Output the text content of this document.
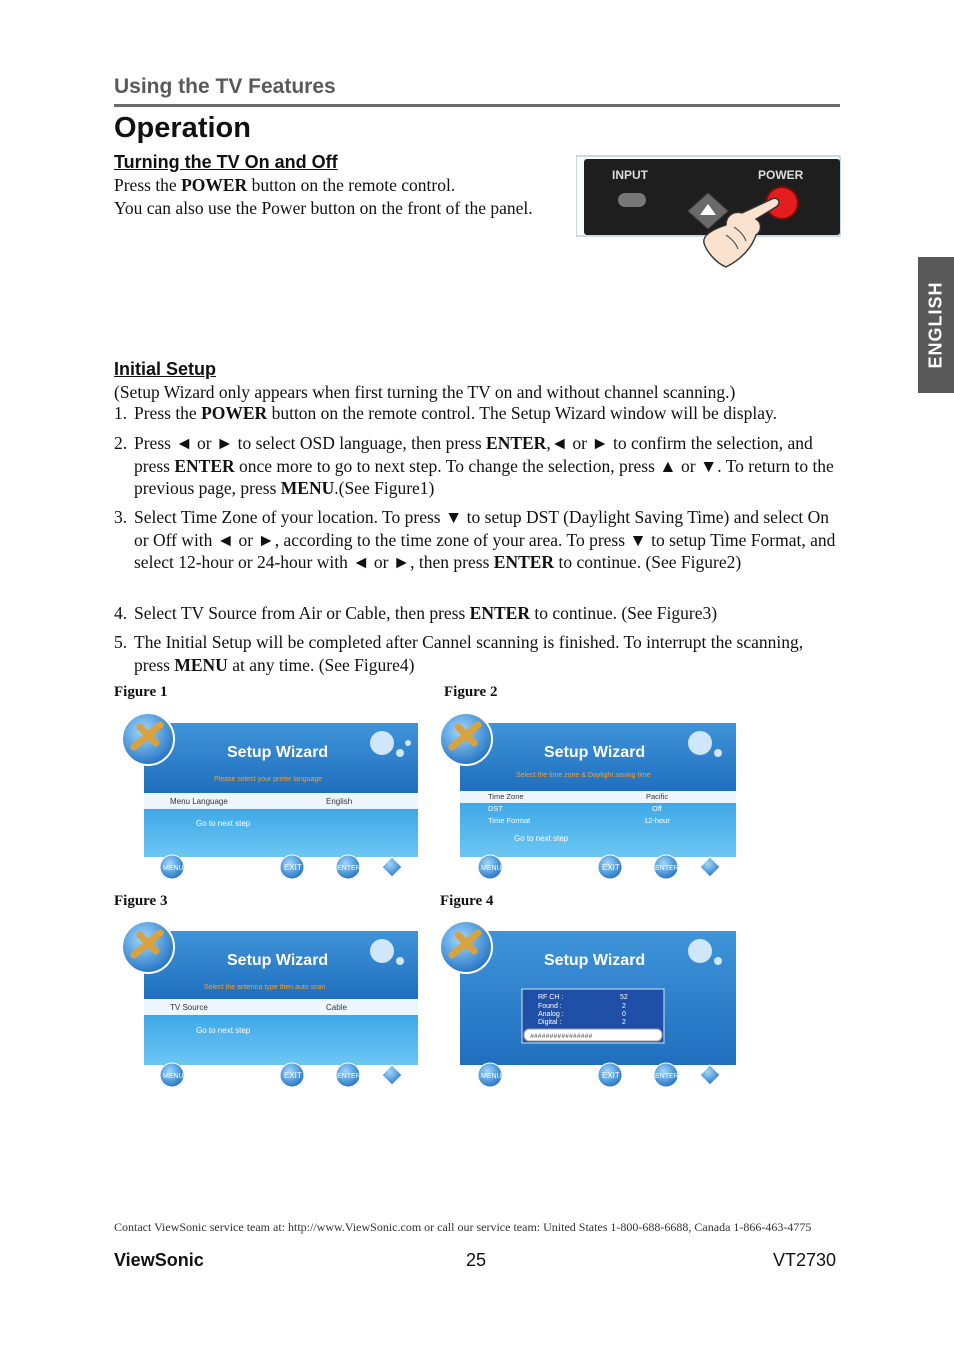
Using the TV Features
Operation
ENGLISH
Turning the TV On and Off
Press the POWER button on the remote control.
You can also use the Power button on the front of the panel.
INPUT	POWER
Initial Setup
(Setup Wizard only appears when first turning the TV on and without channel scanning.)
1. Press the POWER button on the remote control. The Setup Wizard window will be display.
2. Press ◄ or ► to select OSD language, then press ENTER,◄ or ► to confirm the selection, and press ENTER once more to go to next step. To change the selection, press ▲ or ▼. To return to the previous page, press MENU.(See Figure1)
3. Select Time Zone of your location. To press ▼ to setup DST (Daylight Saving Time) and select On or Off with ◄ or ►, according to the time zone of your area. To press ▼ to setup Time Format, and select 12-hour or 24-hour with ◄ or ►, then press ENTER to continue. (See Figure2)
4. Select TV Source from Air or Cable, then press ENTER to continue. (See Figure3)
5. The Initial Setup will be completed after Cannel scanning is finished. To interrupt the scanning, press MENU at any time. (See Figure4)
Figure 1	Figure 2
Figure 3	Figure 4
Setup Wizard
Please select your prefer language
Menu Language	English
Go to next step
MENU	EXIT	ENTER
Setup Wizard
Select the time zone & Daylight saving time
Time Zone	Pacific
DST	Off
Time Format	12-hour
Go to next step
MENU	EXIT	ENTER
Setup Wizard
Select the antenna type then auto scan
TV Source	Cable
Go to next step
MENU	EXIT	ENTER
Setup Wizard
RF CH :	52
Found :	2
Analog :	0
Digital :	2
################
MENU	EXIT	ENTER
Contact ViewSonic service team at: http://www.ViewSonic.com or call our service team: United States 1-800-688-6688, Canada 1-866-463-4775
ViewSonic	25	VT2730
